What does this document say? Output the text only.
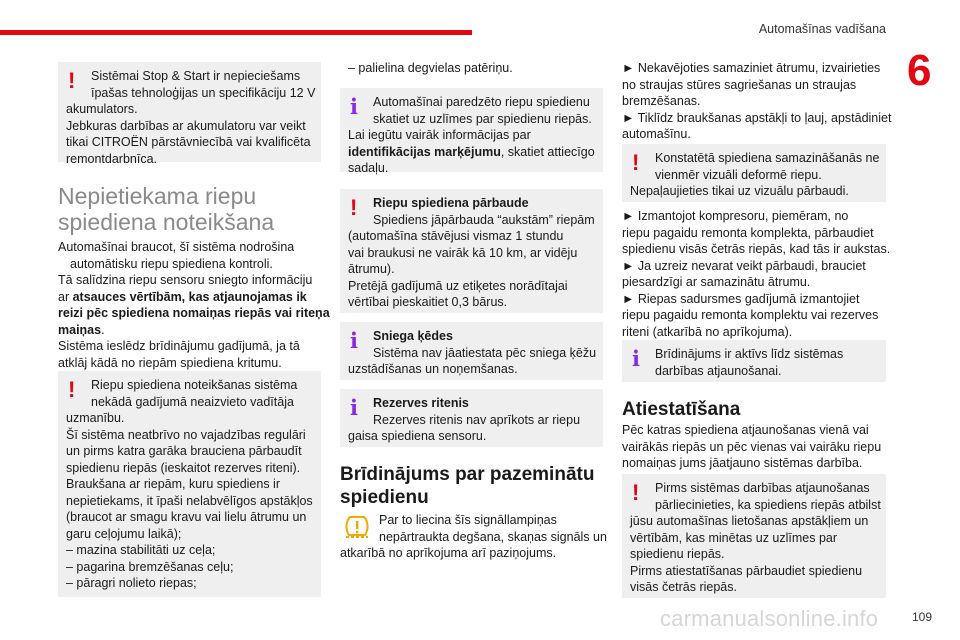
Automašīnas vadīšana
6
!	Sistēmai Stop & Start ir nepieciešams
īpašas tehnoloģijas un specifikāciju 12 V
akumulators.
Jebkuras darbības ar akumulatoru var veikt
tikai CITROËN pārstāvniecībā vai kvalificēta
remontdarbnīca.
Nepietiekama riepu
spiediena noteikšana
Automašīnai braucot, šī sistēma nodrošina
automātisku riepu spiediena kontroli.
Tā salīdzina riepu sensoru sniegto informāciju
ar atsauces vērtībām, kas atjaunojamas ik
reizi pēc spiediena nomaiņas riepās vai riteņa
maiņas.
Sistēma ieslēdz brīdinājumu gadījumā, ja tā
atklāj kādā no riepām spiediena kritumu.
!	Riepu spiediena noteikšanas sistēma
nekādā gadījumā neaizvieto vadītāja
uzmanību.
Šī sistēma neatbrīvo no vajadzības regulāri
un pirms katra garāka brauciena pārbaudīt
spiedienu riepās (ieskaitot rezerves riteni).
Braukšana ar riepām, kuru spiediens ir
nepietiekams, it īpaši nelabvēlīgos apstākļos
(braucot ar smagu kravu vai lielu ātrumu un
garu ceļojumu laikā);
– mazina stabilitāti uz ceļa;
– pagarina bremzēšanas ceļu;
– pāragri nolieto riepas;
– palielina degvielas patēriņu.
i	Automašīnai paredzēto riepu spiedienu
skatiet uz uzlīmes par spiedienu riepās.
Lai iegūtu vairāk informācijas par
identifikācijas marķējumu, skatiet attiecīgo
sadaļu.
!	Riepu spiediena pārbaude
Spiediens jāpārbauda “aukstām” riepām
(automašīna stāvējusi vismaz 1 stundu
vai braukusi ne vairāk kā 10 km, ar vidēju
ātrumu).
Pretējā gadījumā uz etiķetes norādītajai
vērtībai pieskaitiet 0,3 bārus.
i	Sniega ķēdes
Sistēma nav jāatiestata pēc sniega ķēžu
uzstādīšanas un noņemšanas.
i	Rezerves ritenis
Rezerves ritenis nav aprīkots ar riepu
gaisa spiediena sensoru.
Brīdinājums par pazeminātu
spiedienu
Par to liecina šīs signāllampiņas
nepārtraukta degšana, skaņas signāls un
atkarībā no aprīkojuma arī paziņojums.
► Nekavējoties samaziniet ātrumu, izvairieties
no straujas stūres sagriešanas un straujas
bremzēšanas.
► Tiklīdz braukšanas apstākļi to ļauj, apstādiniet
automašīnu.
!	Konstatētā spiediena samazināšanās ne
vienmēr vizuāli deformē riepu.
Nepaļaujieties tikai uz vizuālu pārbaudi.
► Izmantojot kompresoru, piemēram, no
riepu pagaidu remonta komplekta, pārbaudiet
spiedienu visās četrās riepās, kad tās ir aukstas.
► Ja uzreiz nevarat veikt pārbaudi, brauciet
piesardzīgi ar samazinātu ātrumu.
► Riepas sadursmes gadījumā izmantojiet
riepu pagaidu remonta komplektu vai rezerves
riteni (atkarībā no aprīkojuma).
i	Brīdinājums ir aktīvs līdz sistēmas
darbības atjaunošanai.
Atiestatīšana
Pēc katras spiediena atjaunošanas vienā vai
vairākās riepās un pēc vienas vai vairāku riepu
nomaiņas jums jāatjauno sistēmas darbība.
!	Pirms sistēmas darbības atjaunošanas
pārliecinieties, ka spiediens riepās atbilst
jūsu automašīnas lietošanas apstākļiem un
vērtībām, kas minētas uz uzlīmes par
spiedienu riepās.
Pirms atiestatīšanas pārbaudiet spiedienu
visās četrās riepās.
carmanualsonline.info	109
